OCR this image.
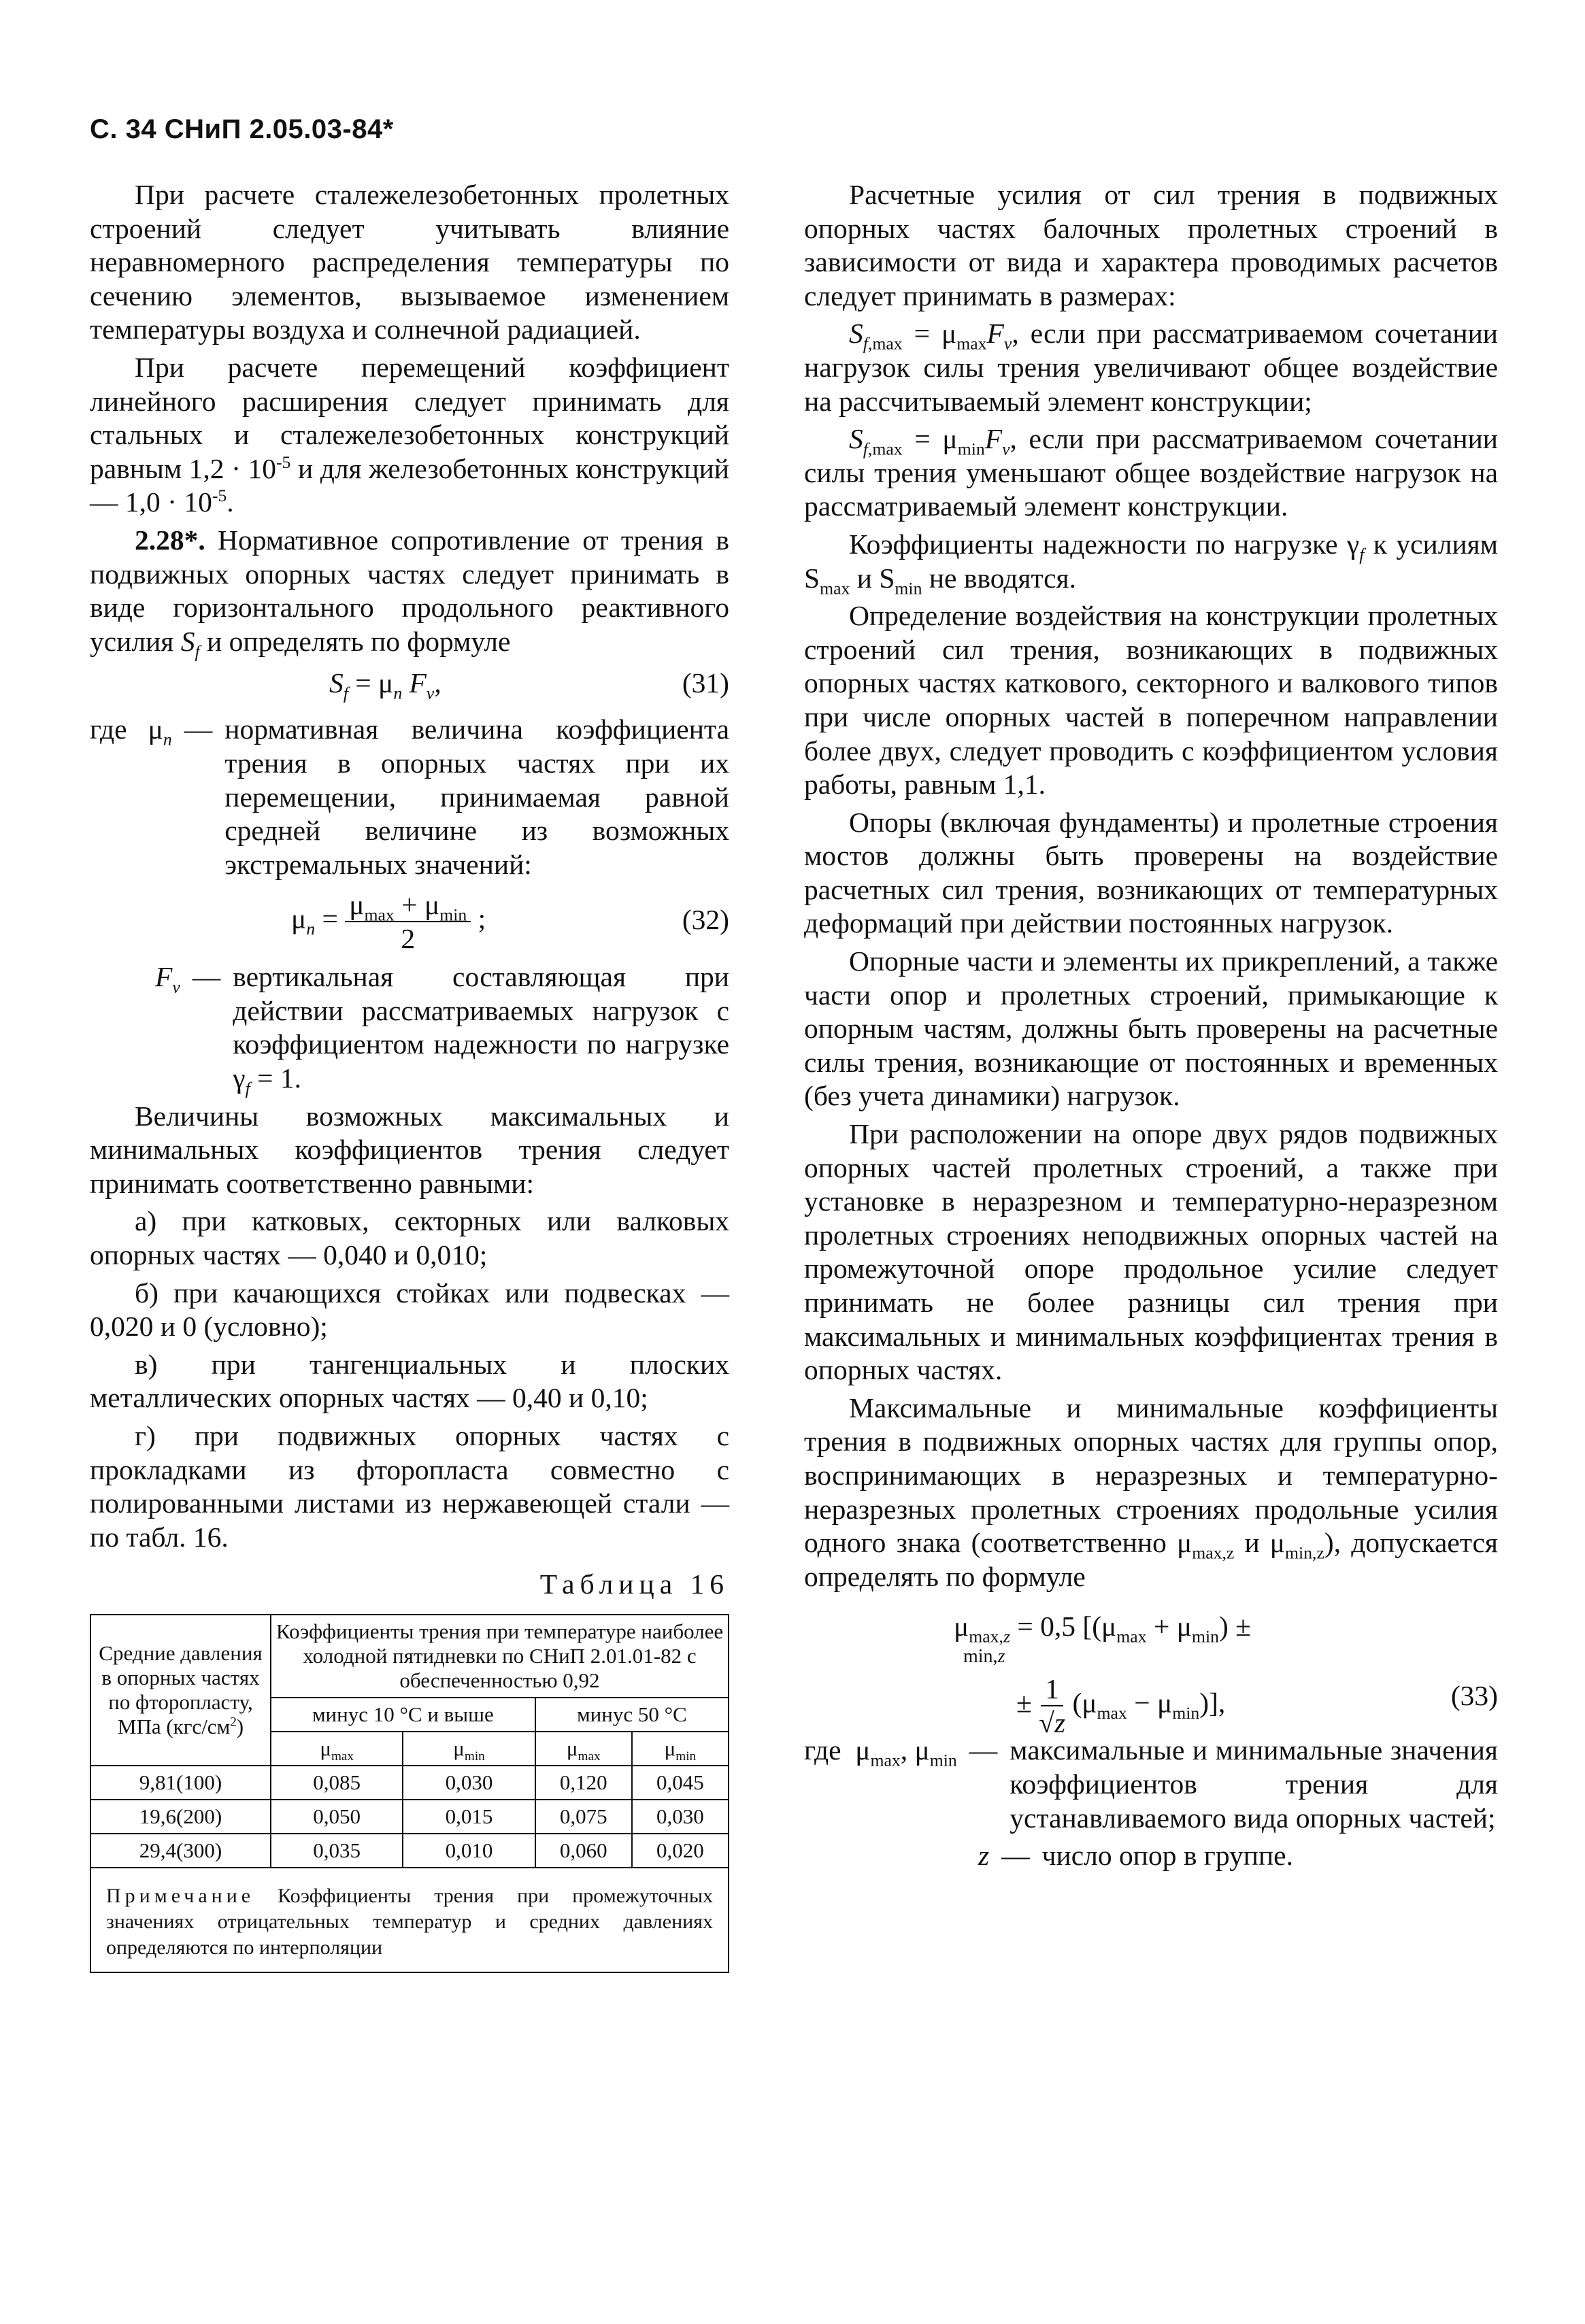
С. 34 СНиП 2.05.03-84*

При расчете сталежелезобетонных пролетных строений следует учитывать влияние неравномерного распределения температуры по сечению элементов, вызываемое изменением температуры воздуха и солнечной радиацией.

При расчете перемещений коэффициент линейного расширения следует принимать для стальных и сталежелезобетонных конструкций равным $1,2 \cdot 10^{-5}$ и для железобетонных конструкций — $1,0 \cdot 10^{-5}$.

2.28*. Нормативное сопротивление от трения в подвижных опорных частях следует принимать в виде горизонтального продольного реактивного усилия $S_f$ и определять по формуле

$S_f = \mu_n$ $F_v$,	(31)
где   $\mu_n$ — нормативная величина коэффициента трения в опорных частях при их перемещении, принимаемая равной средней величине из возможных экстремальных значений:
$\mu_n = \frac{\mu_{max} + \mu_{min}}{2}$ ;	(32)
$F_v$ — вертикальная составляющая при действии рассматриваемых нагрузок с коэффициентом надежности по нагрузке $\gamma_f = 1$.

Величины возможных максимальных и минимальных коэффициентов трения следует принимать соответственно равными:

а) при катковых, секторных или валковых опорных частях — 0,040 и 0,010;

б) при качающихся стойках или подвесках — 0,020 и 0 (условно);

в) при тангенциальных и плоских металлических опорных частях — 0,40 и 0,10;

г) при подвижных опорных частях с прокладками из фторопласта совместно с полированными листами из нержавеющей стали — по табл. 16.

Таблица 16
Средние давления в опорных частях по фторопласту, МПа $(кгс/см^2)$	Коэффициенты трения при температуре наиболее холодной пятидневки по СНиП 2.01.01-82 с обеспеченностью 0,92			
	минус 10 °С и выше		минус 50 °С	
	$\mu_{max}$	$\mu_{min}$	$\mu_{max}$	$\mu_{min}$
9,81(100)	0,085	0,030	0,120	0,045
19,6(200)	0,050	0,015	0,075	0,030
29,4(300)	0,035	0,010	0,060	0,020
Примечание Коэффициенты трения при промежуточных значениях отрицательных температур и средних давлениях определяются по интерполяции

Расчетные усилия от сил трения в подвижных опорных частях балочных пролетных строений в зависимости от вида и характера проводимых расчетов следует принимать в размерах:

$S_{f,max} = \mu_{max}F_v$, если при рассматриваемом сочетании нагрузок силы трения увеличивают общее воздействие на рассчитываемый элемент конструкции;

$S_{f,max} = \mu_{min}F_v$, если при рассматриваемом сочетании силы трения уменьшают общее воздействие нагрузок на рассматриваемый элемент конструкции.

Коэффициенты надежности по нагрузке $\gamma_f$ к усилиям $S_{max}$ и $S_{min}$ не вводятся.

Определение воздействия на конструкции пролетных строений сил трения, возникающих в подвижных опорных частях каткового, секторного и валкового типов при числе опорных частей в поперечном направлении более двух, следует проводить с коэффициентом условия работы, равным 1,1.

Опоры (включая фундаменты) и пролетные строения мостов должны быть проверены на воздействие расчетных сил трения, возникающих от температурных деформаций при действии постоянных нагрузок.

Опорные части и элементы их прикреплений, а также части опор и пролетных строений, примыкающие к опорным частям, должны быть проверены на расчетные силы трения, возникающие от постоянных и временных (без учета динамики) нагрузок.

При расположении на опоре двух рядов подвижных опорных частей пролетных строений, а также при установке в неразрезном и температурно-неразрезном пролетных строениях неподвижных опорных частей на промежуточной опоре продольное усилие следует принимать не более разницы сил трения при максимальных и минимальных коэффициентах трения в опорных частях.

Максимальные и минимальные коэффициенты трения в подвижных опорных частях для группы опор, воспринимающих в неразрезных и температурно-неразрезных пролетных строениях продольные усилия одного знака (соответственно $\mu_{max,z}$ и $\mu_{min,z}$), допускается определять по формуле

$\mu_{max,z} = 0,5$ [$(\mu_{max} + \mu_{min})$ ±
min,z
± $\frac{1}{√z} (\mu_{max} - \mu_{min})$],	(33)
где  $\mu_{max}$, $\mu_{min}$ — максимальные и минимальные значения коэффициентов трения для устанавливаемого вида опорных частей;
z — число опор в группе.
